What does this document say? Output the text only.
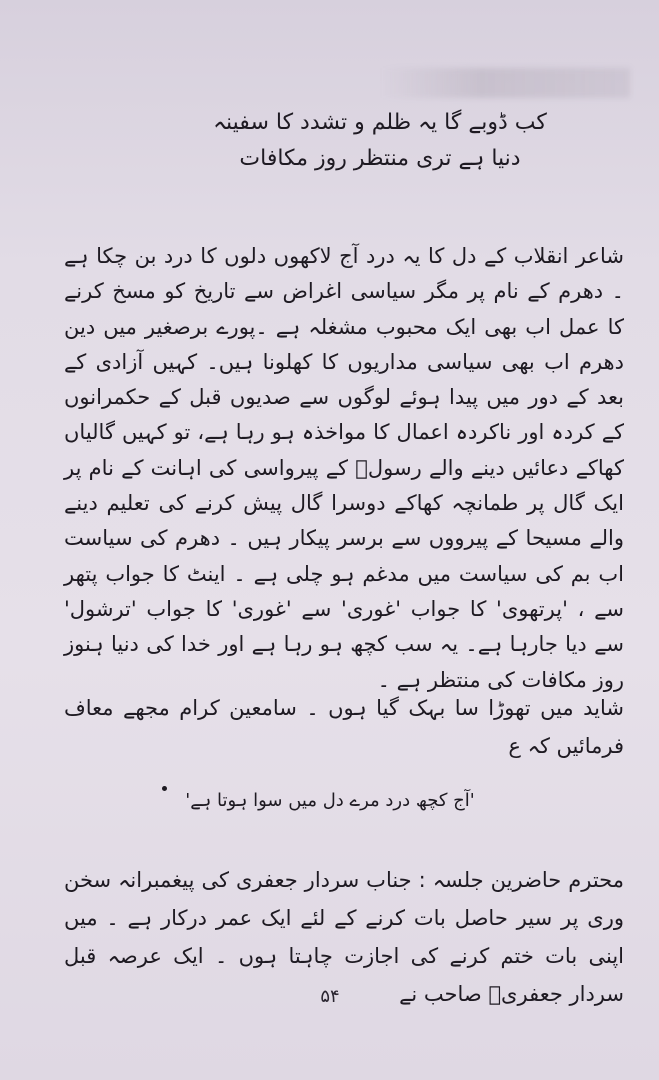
کب ڈوبے گا یہ ظلم و تشدد کا سفینہ
دنیا ہے تری منتظر روز مکافات

شاعر انقلاب کے دل کا یہ درد آج لاکھوں دلوں کا درد بن چکا ہے ۔ دھرم کے نام پر مگر سیاسی اغراض سے تاریخ کو مسخ کرنے کا عمل اب بھی ایک محبوب مشغلہ ہے ۔پورے برصغیر میں دین دھرم اب بھی سیاسی مداریوں کا کھلونا ہیں۔ کہیں آزادی کے بعد کے دور میں پیدا ہوئے لوگوں سے صدیوں قبل کے حکمرانوں کے کردہ اور ناکردہ اعمال کا مواخذہ ہو رہا ہے، تو کہیں گالیاں کھاکے دعائیں دینے والے رسولؐ کے پیرواسی کی اہانت کے نام پر ایک گال پر طمانچہ کھاکے دوسرا گال پیش کرنے کی تعلیم دینے والے مسیحا کے پیرووں سے برسر پیکار ہیں ۔ دھرم کی سیاست اب بم کی سیاست میں مدغم ہو چلی ہے ۔ اینٹ کا جواب پتھر سے ، 'پرتھوی' کا جواب 'غوری' سے 'غوری' کا جواب 'ترشول' سے دیا جارہا ہے۔ یہ سب کچھ ہو رہا ہے اور خدا کی دنیا ہنوز روز مکافات کی منتظر ہے ۔

شاید میں تھوڑا سا بہک گیا ہوں ۔ سامعین کرام مجھے معاف فرمائیں کہ ع

'آج کچھ درد مرے دل میں سوا ہوتا ہے'

محترم حاضرین جلسہ : جناب سردار جعفری کی پیغمبرانہ سخن وری پر سیر حاصل بات کرنے کے لئے ایک عمر درکار ہے ۔ میں اپنی بات ختم کرنے کی اجازت چاہتا ہوں ۔ ایک عرصہ قبل سردار جعفریؔ صاحب نے

۵۴
